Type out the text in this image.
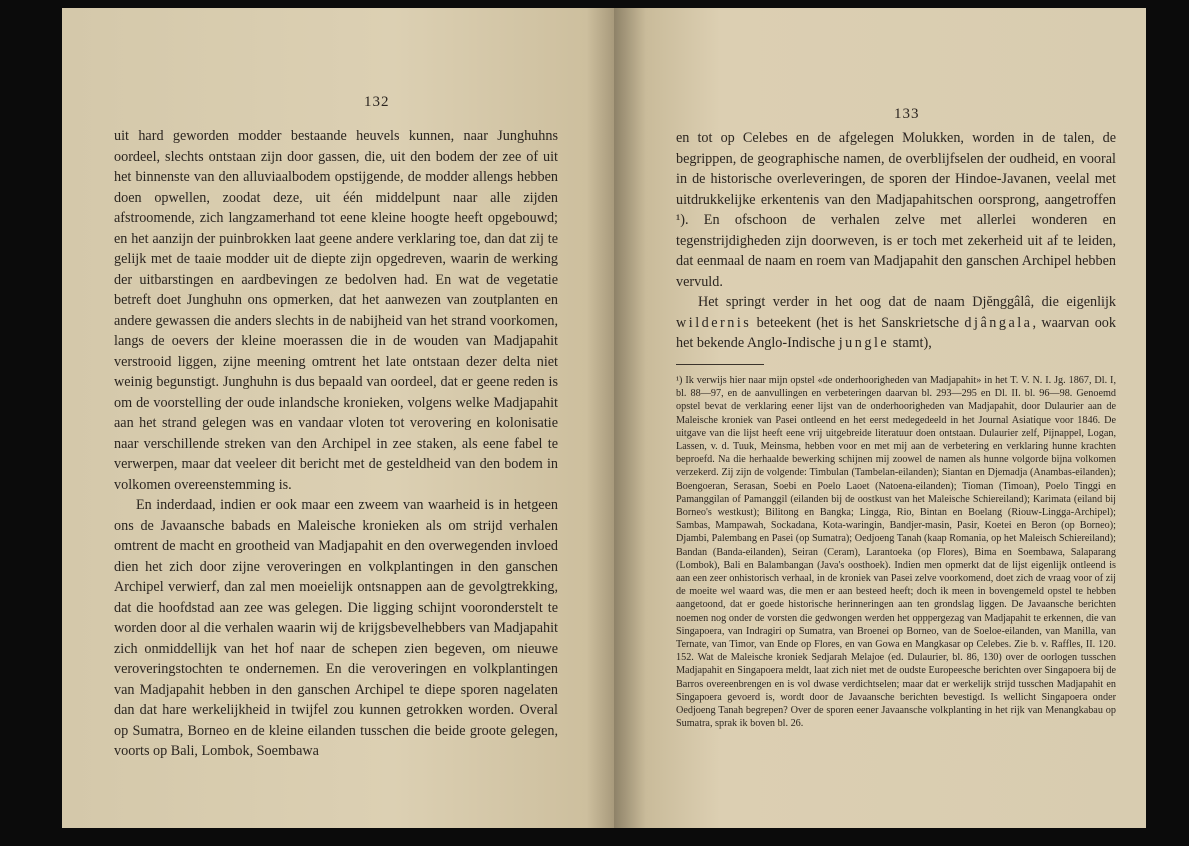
132

uit hard geworden modder bestaande heuvels kunnen, naar Junghuhns oordeel, slechts ontstaan zijn door gassen, die, uit den bodem der zee of uit het binnenste van den alluviaalbodem opstijgende, de modder allengs hebben doen opwellen, zoodat deze, uit één middelpunt naar alle zijden afstroomende, zich langzamerhand tot eene kleine hoogte heeft opgebouwd; en het aanzijn der puinbrokken laat geene andere verklaring toe, dan dat zij te gelijk met de taaie modder uit de diepte zijn opgedreven, waarin de werking der uitbarstingen en aardbevingen ze bedolven had. En wat de vegetatie betreft doet Junghuhn ons opmerken, dat het aanwezen van zoutplanten en andere gewassen die anders slechts in de nabijheid van het strand voorkomen, langs de oevers der kleine moerassen die in de wouden van Madjapahit verstrooid liggen, zijne meening omtrent het late ontstaan dezer delta niet weinig begunstigt. Junghuhn is dus bepaald van oordeel, dat er geene reden is om de voorstelling der oude inlandsche kronieken, volgens welke Madjapahit aan het strand gelegen was en vandaar vloten tot verovering en kolonisatie naar verschillende streken van den Archipel in zee staken, als eene fabel te verwerpen, maar dat veeleer dit bericht met de gesteldheid van den bodem in volkomen overeenstemming is.

En inderdaad, indien er ook maar een zweem van waarheid is in hetgeen ons de Javaansche babads en Maleische kronieken als om strijd verhalen omtrent de macht en grootheid van Madjapahit en den overwegenden invloed dien het zich door zijne veroveringen en volkplantingen in den ganschen Archipel verwierf, dan zal men moeielijk ontsnappen aan de gevolgtrekking, dat die hoofdstad aan zee was gelegen. Die ligging schijnt vooronderstelt te worden door al die verhalen waarin wij de krijgsbevelhebbers van Madjapahit zich onmiddellijk van het hof naar de schepen zien begeven, om nieuwe veroveringstochten te ondernemen. En die veroveringen en volkplantingen van Madjapahit hebben in den ganschen Archipel te diepe sporen nagelaten dan dat hare werkelijkheid in twijfel zou kunnen getrokken worden. Overal op Sumatra, Borneo en de kleine eilanden tusschen die beide groote gelegen, voorts op Bali, Lombok, Soembawa

133

en tot op Celebes en de afgelegen Molukken, worden in de talen, de begrippen, de geographische namen, de overblijfselen der oudheid, en vooral in de historische overleveringen, de sporen der Hindoe-Javanen, veelal met uitdrukkelijke erkentenis van den Madjapahitschen oorsprong, aangetroffen ¹). En ofschoon de verhalen zelve met allerlei wonderen en tegenstrijdigheden zijn doorweven, is er toch met zekerheid uit af te leiden, dat eenmaal de naam en roem van Madjapahit den ganschen Archipel hebben vervuld.

Het springt verder in het oog dat de naam Djĕnggâlâ, die eigenlijk wildernis beteekent (het is het Sanskrietsche djângala, waarvan ook het bekende Anglo-Indische jungle stamt),

¹) Ik verwijs hier naar mijn opstel «de onderhoorigheden van Madjapahit» in het T. V. N. I. Jg. 1867, Dl. I, bl. 88—97, en de aanvullingen en verbeteringen daarvan bl. 293—295 en Dl. II. bl. 96—98. Genoemd opstel bevat de verklaring eener lijst van de onderhoorigheden van Madjapahit, door Dulaurier aan de Maleische kroniek van Pasei ontleend en het eerst medegedeeld in het Journal Asiatique voor 1846. De uitgave van die lijst heeft eene vrij uitgebreide literatuur doen ontstaan. Dulaurier zelf, Pijnappel, Logan, Lassen, v. d. Tuuk, Meinsma, hebben voor en met mij aan de verbetering en verklaring hunne krachten beproefd. Na die herhaalde bewerking schijnen mij zoowel de namen als hunne volgorde bijna volkomen verzekerd. Zij zijn de volgende: Timbulan (Tambelan-eilanden); Siantan en Djemadja (Anambas-eilanden); Boengoeran, Serasan, Soebi en Poelo Laoet (Natoena-eilanden); Tioman (Timoan), Poelo Tinggi en Pamanggilan of Pamanggil (eilanden bij de oostkust van het Maleische Schiereiland); Karimata (eiland bij Borneo's westkust); Bilitong en Bangka; Lingga, Rio, Bintan en Boelang (Riouw-Lingga-Archipel); Sambas, Mampawah, Sockadana, Kota-waringin, Bandjer-masin, Pasir, Koetei en Beron (op Borneo); Djambi, Palembang en Pasei (op Sumatra); Oedjoeng Tanah (kaap Romania, op het Maleisch Schiereiland); Bandan (Banda-eilanden), Seiran (Ceram), Larantoeka (op Flores), Bima en Soembawa, Salaparang (Lombok), Bali en Balambangan (Java's oosthoek). Indien men opmerkt dat de lijst eigenlijk ontleend is aan een zeer onhistorisch verhaal, in de kroniek van Pasei zelve voorkomend, doet zich de vraag voor of zij de moeite wel waard was, die men er aan besteed heeft; doch ik meen in bovengemeld opstel te hebben aangetoond, dat er goede historische herinneringen aan ten grondslag liggen. De Javaansche berichten noemen nog onder de vorsten die gedwongen werden het opppergezag van Madjapahit te erkennen, die van Singapoera, van Indragiri op Sumatra, van Broenei op Borneo, van de Soeloe-eilanden, van Manilla, van Ternate, van Timor, van Ende op Flores, en van Gowa en Mangkasar op Celebes. Zie b. v. Raffles, II. 120. 152. Wat de Maleische kroniek Sedjarah Melajoe (ed. Dulaurier, bl. 86, 130) over de oorlogen tusschen Madjapahit en Singapoera meldt, laat zich niet met de oudste Europeesche berichten over Singapoera bij de Barros overeenbrengen en is vol dwase verdichtselen; maar dat er werkelijk strijd tusschen Madjapahit en Singapoera gevoerd is, wordt door de Javaansche berichten bevestigd. Is wellicht Singapoera onder Oedjoeng Tanah begrepen? Over de sporen eener Javaansche volkplanting in het rijk van Menangkabau op Sumatra, sprak ik boven bl. 26.
